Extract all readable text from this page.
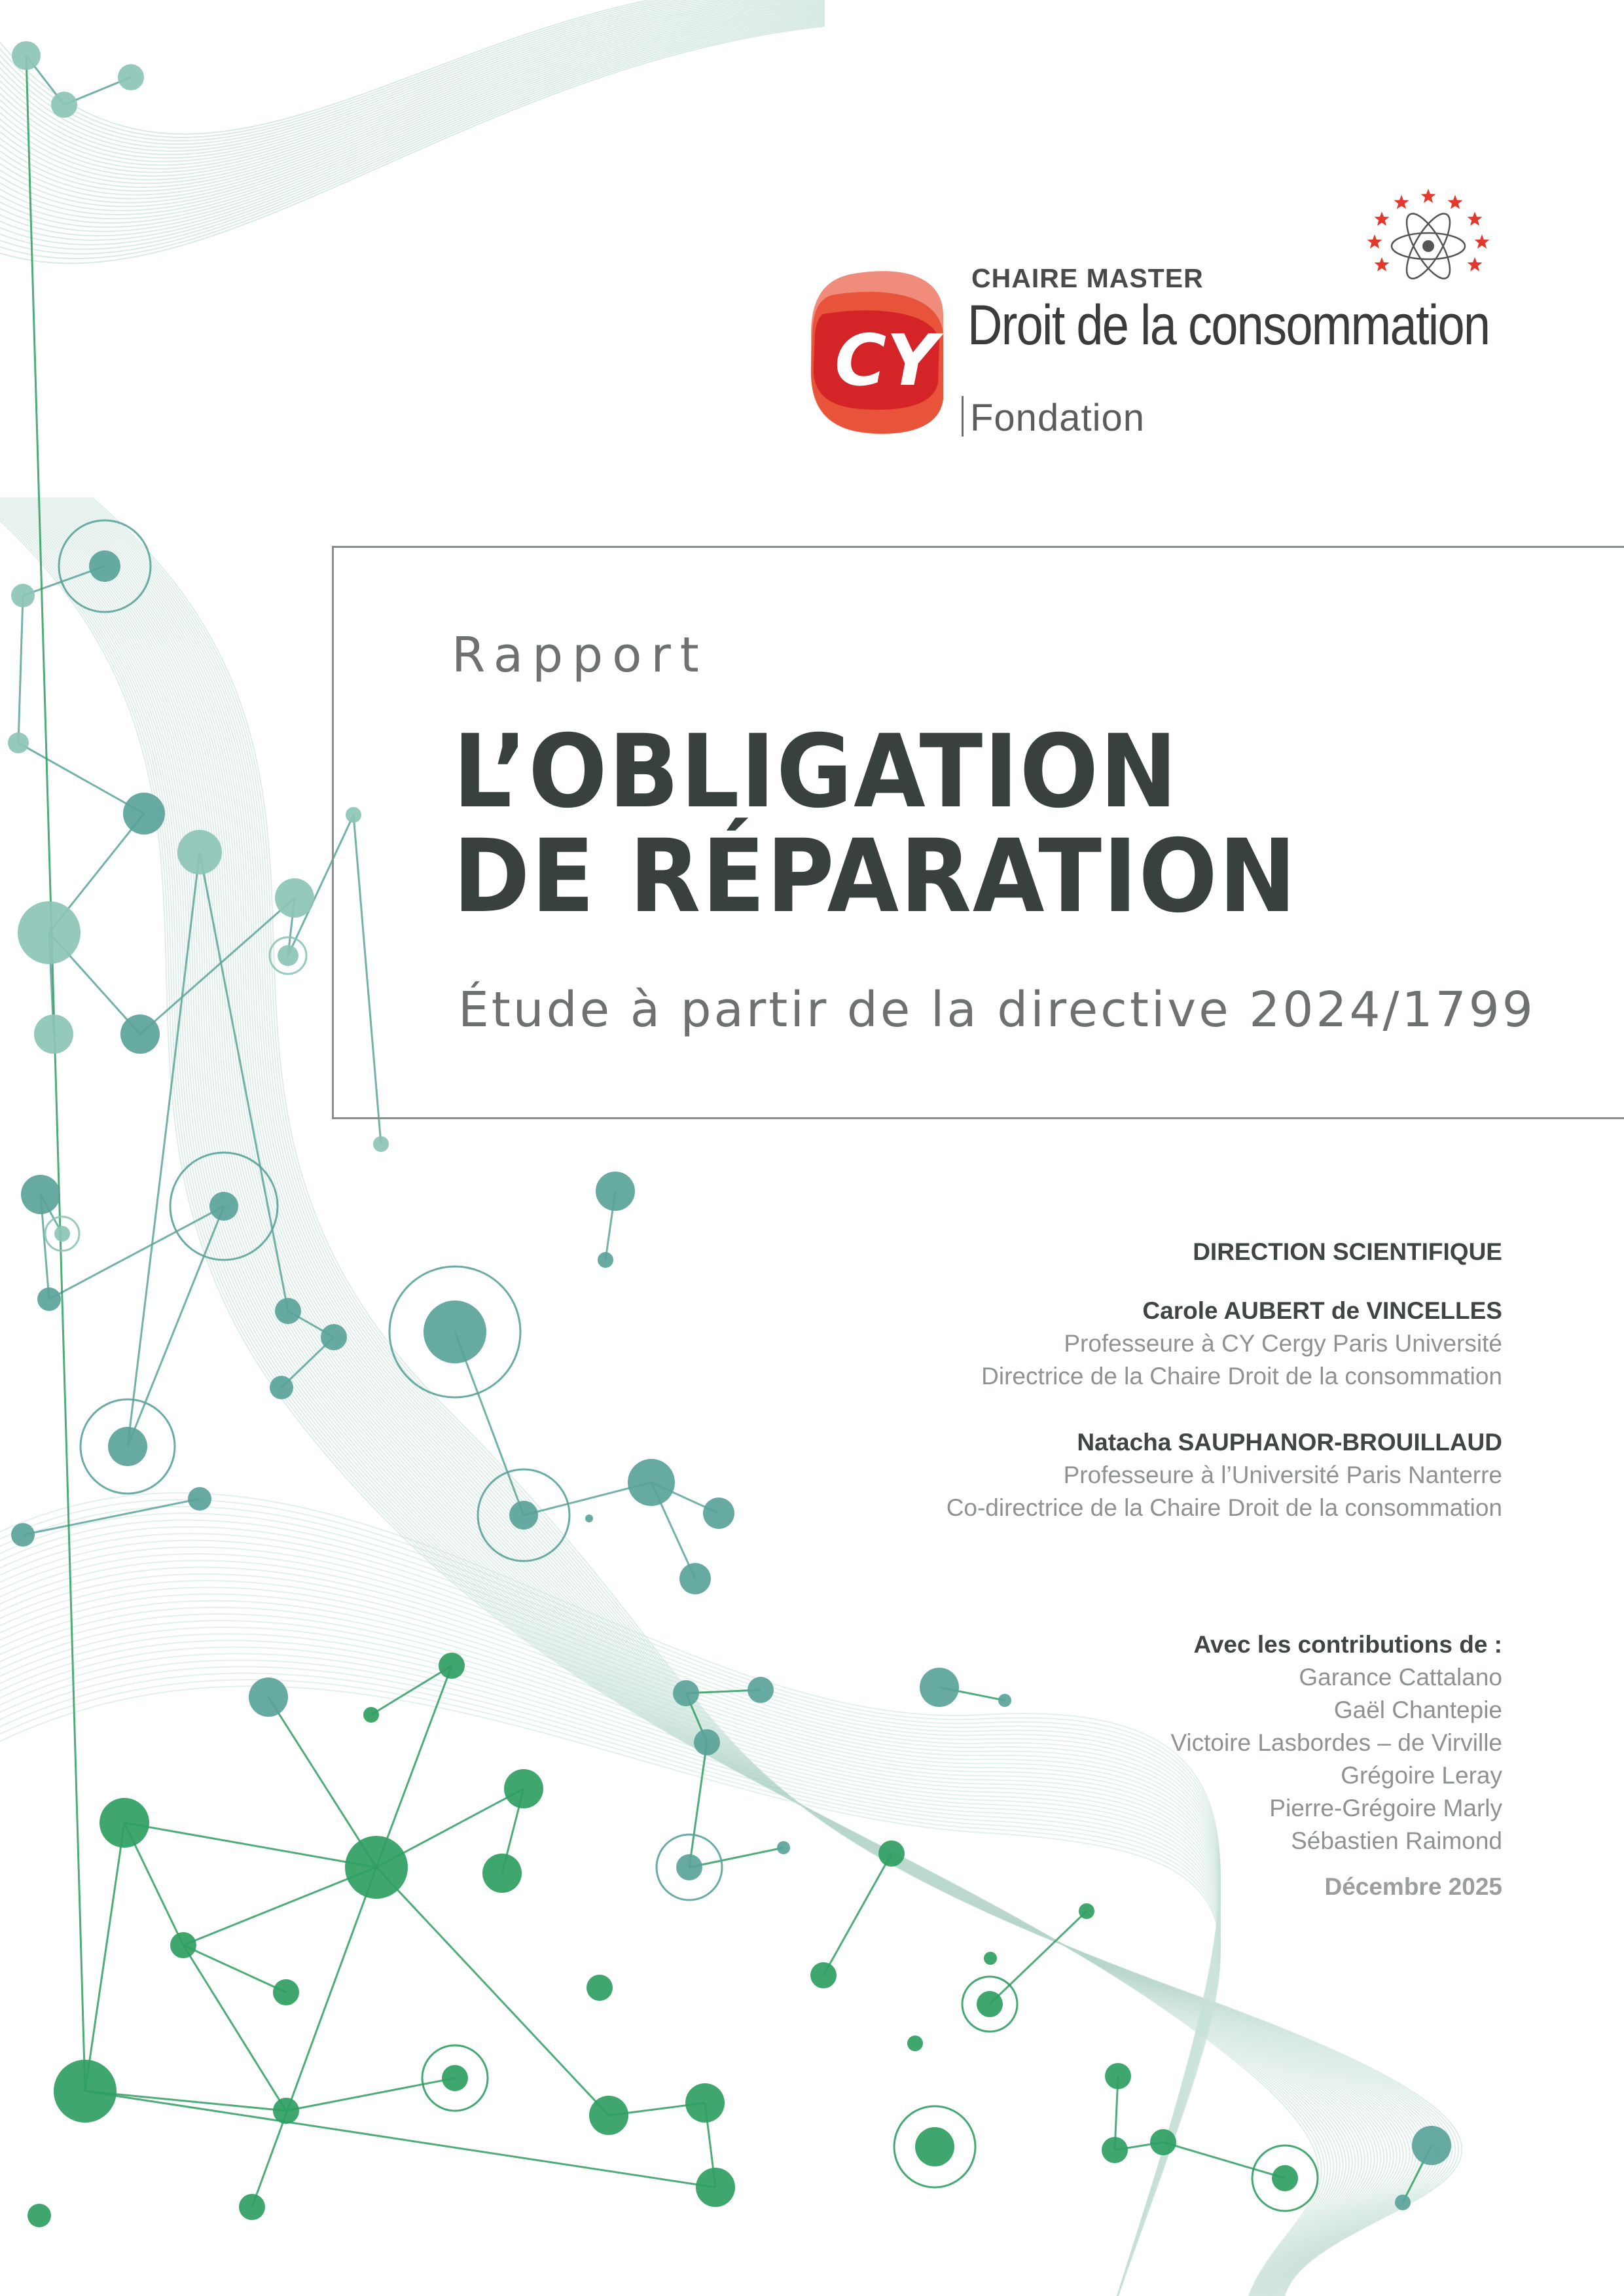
CY
CHAIRE MASTER
Droit de la consommation
Fondation
Rapport
L’OBLIGATION
DE RÉPARATION
Étude à partir de la directive 2024/1799
DIRECTION SCIENTIFIQUE
Carole AUBERT de VINCELLES
Professeure à CY Cergy Paris Université
Directrice de la Chaire Droit de la consommation
Natacha SAUPHANOR-BROUILLAUD
Professeure à l’Université Paris Nanterre
Co-directrice de la Chaire Droit de la consommation
Avec les contributions de :
Garance Cattalano
Gaël Chantepie
Victoire Lasbordes – de Virville
Grégoire Leray
Pierre-Grégoire Marly
Sébastien Raimond
Décembre 2025
